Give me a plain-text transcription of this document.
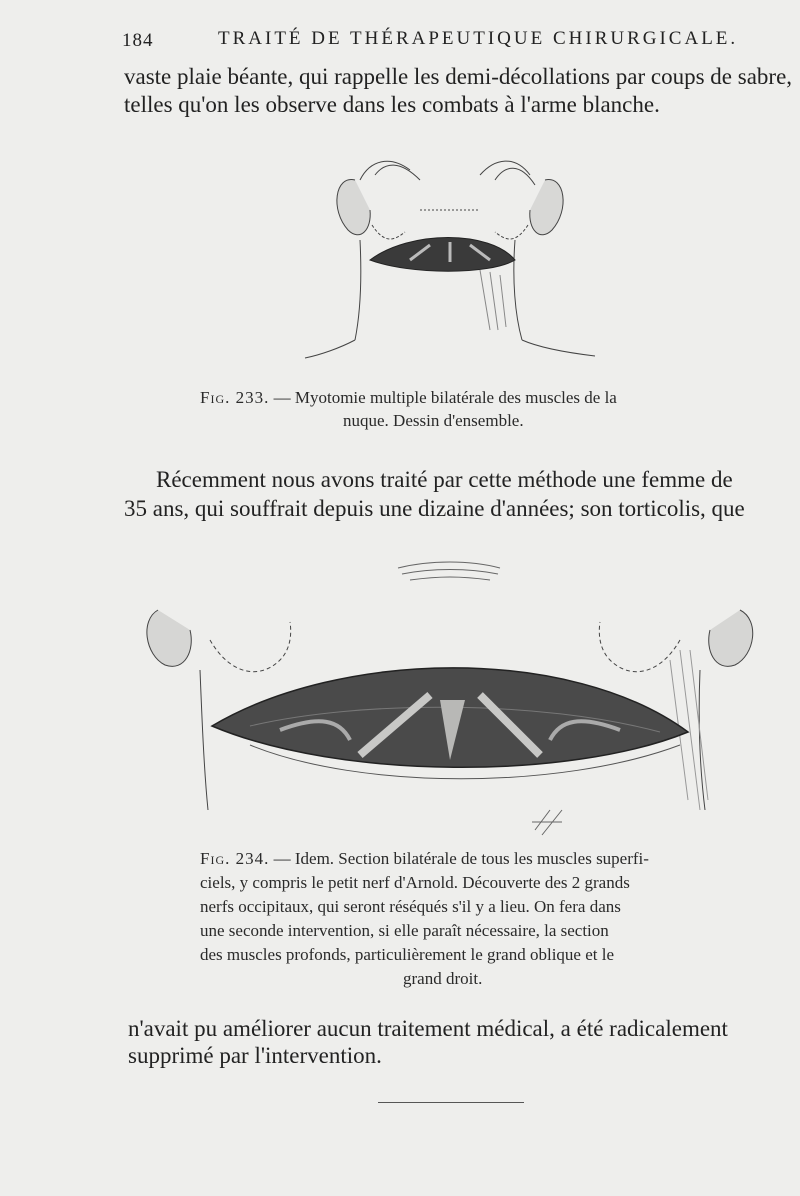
184	TRAITÉ DE THÉRAPEUTIQUE CHIRURGICALE.
vaste plaie béante, qui rappelle les demi-décollations par coups de sabre,
telles qu'on les observe dans les combats à l'arme blanche.
Fig. 233. — Myotomie multiple bilatérale des muscles de la
nuque. Dessin d'ensemble.
Récemment nous avons traité par cette méthode une femme de
35 ans, qui souffrait depuis une dizaine d'années; son torticolis, que
Fig. 234. — Idem. Section bilatérale de tous les muscles superfi-
ciels, y compris le petit nerf d'Arnold. Découverte des 2 grands
nerfs occipitaux, qui seront réséqués s'il y a lieu. On fera dans
une seconde intervention, si elle paraît nécessaire, la section
des muscles profonds, particulièrement le grand oblique et le
grand droit.
n'avait pu améliorer aucun traitement médical, a été radicalement
supprimé par l'intervention.
